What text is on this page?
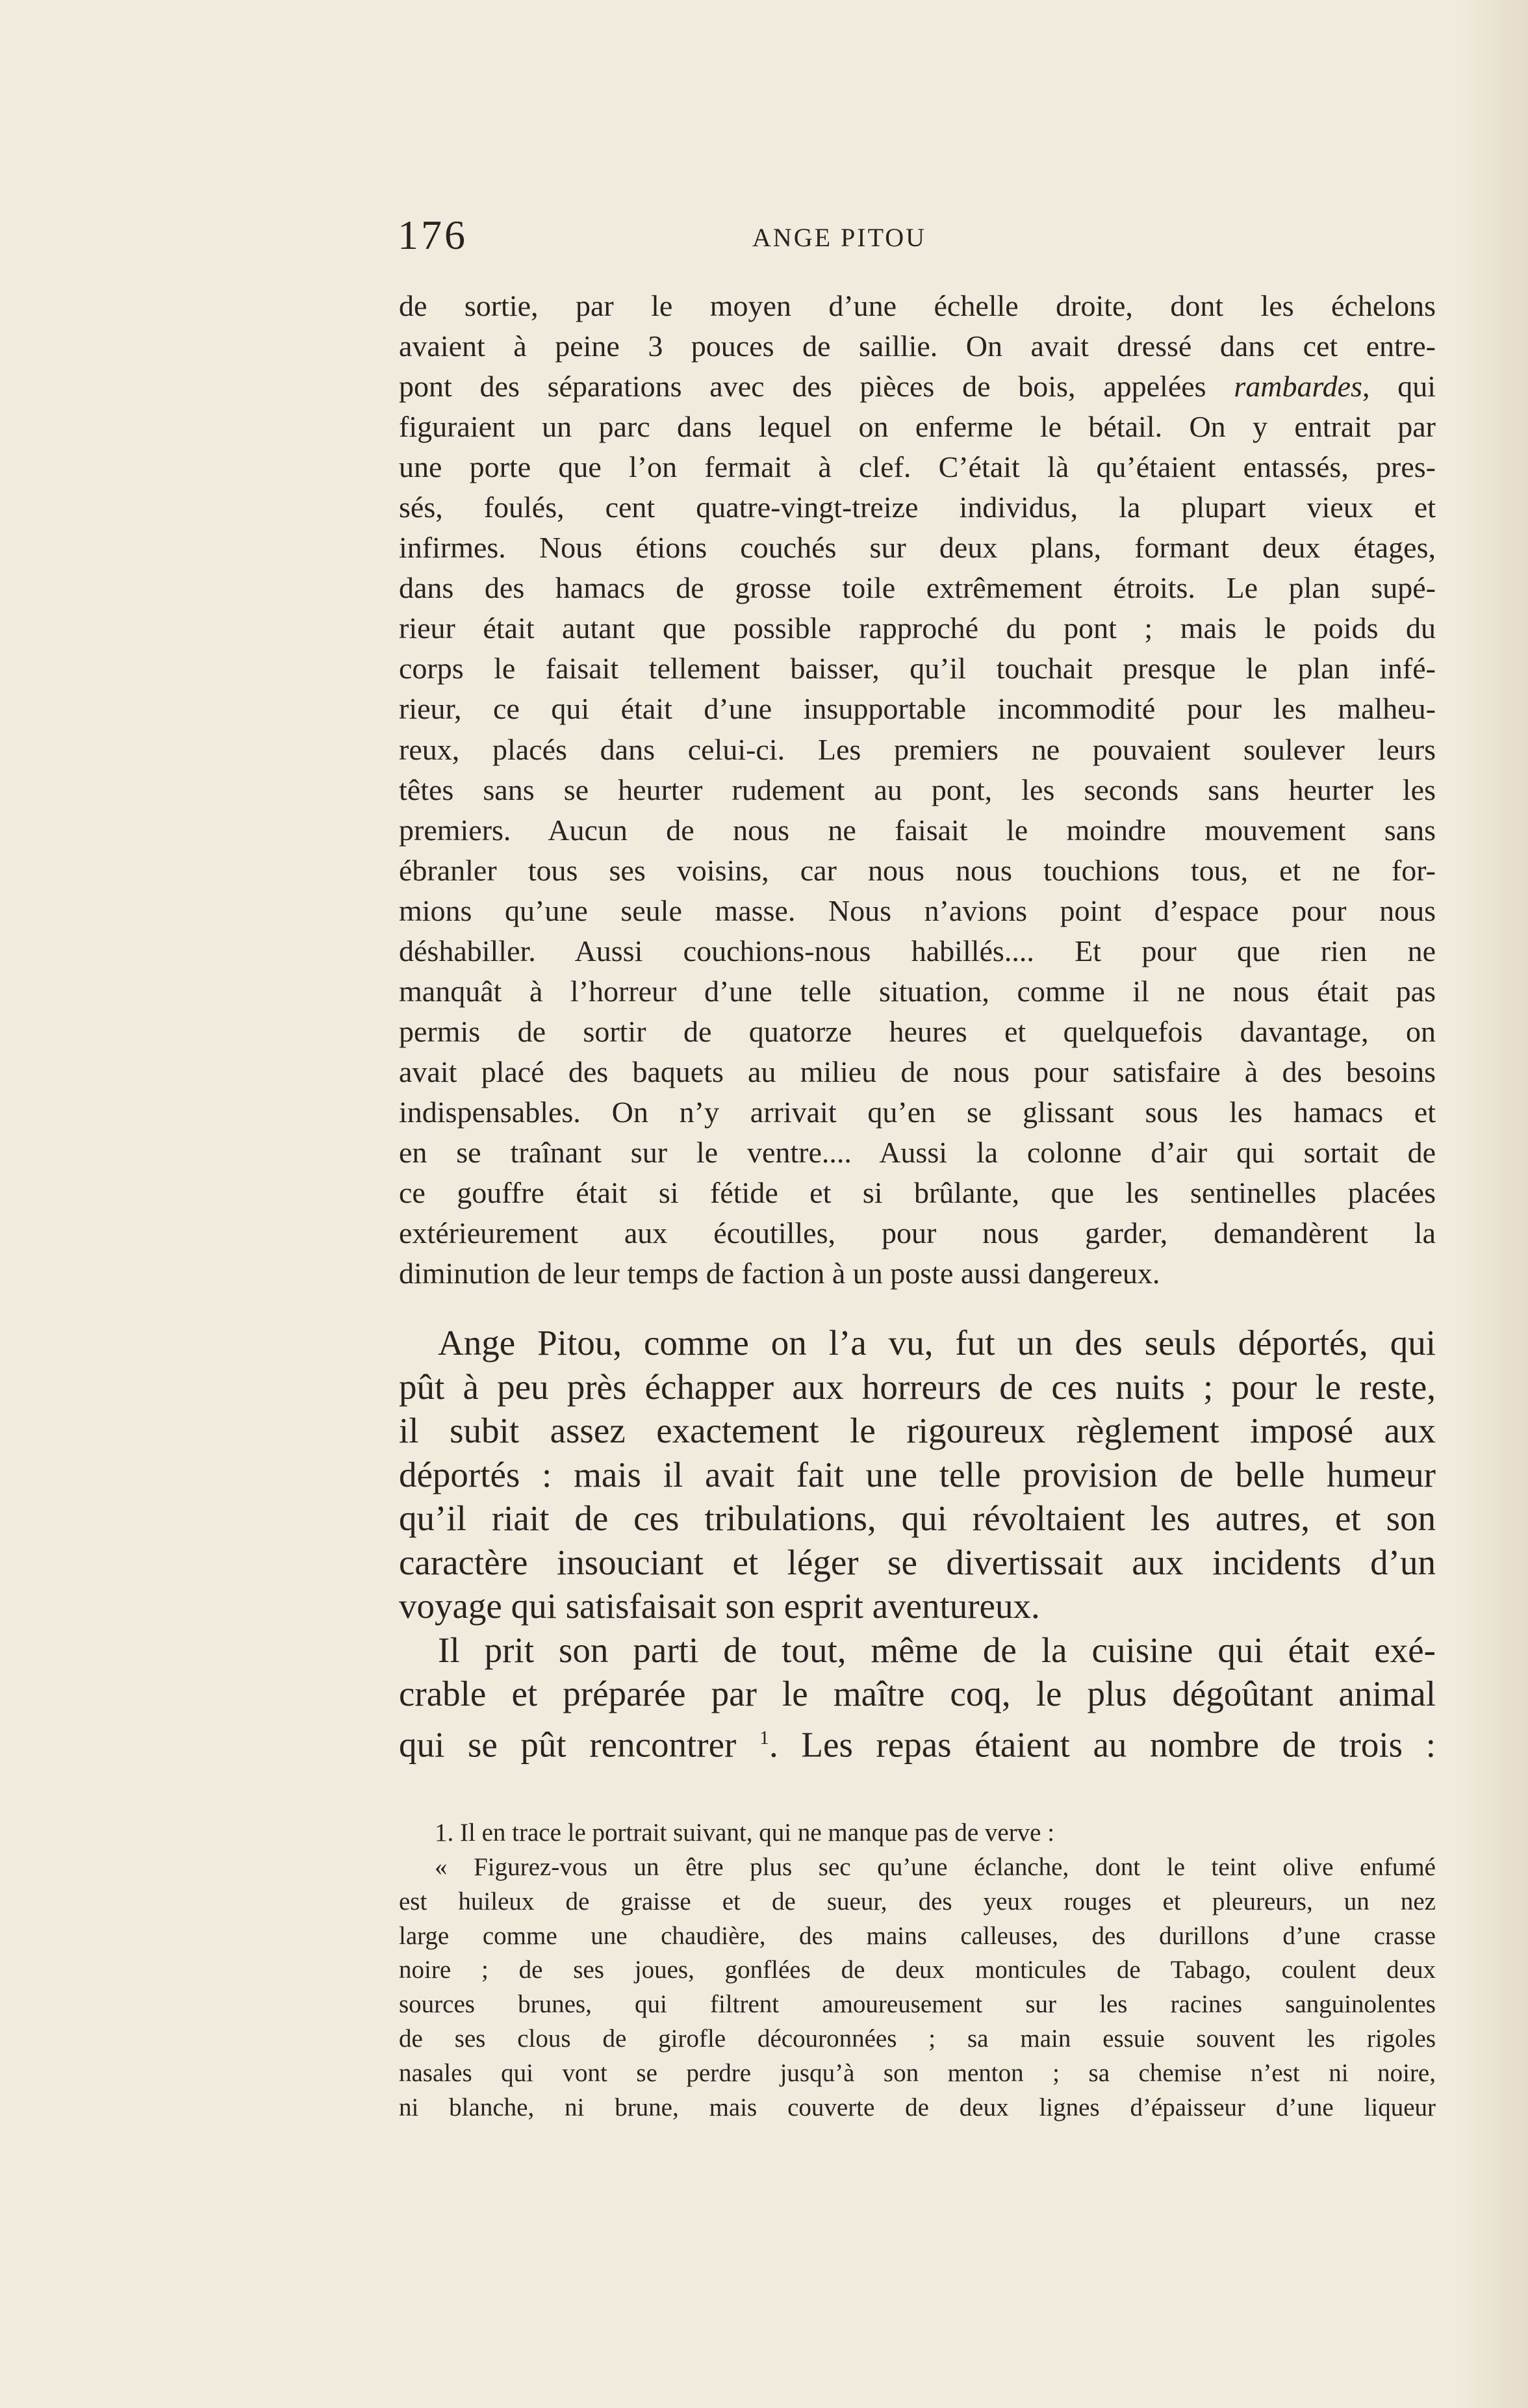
176	ANGE PITOU
de sortie, par le moyen d’une échelle droite, dont les échelons
avaient à peine 3 pouces de saillie. On avait dressé dans cet entre-
pont des séparations avec des pièces de bois, appelées rambardes, qui
figuraient un parc dans lequel on enferme le bétail. On y entrait par
une porte que l’on fermait à clef. C’était là qu’étaient entassés, pres-
sés, foulés, cent quatre-vingt-treize individus, la plupart vieux et
infirmes. Nous étions couchés sur deux plans, formant deux étages,
dans des hamacs de grosse toile extrêmement étroits. Le plan supé-
rieur était autant que possible rapproché du pont ; mais le poids du
corps le faisait tellement baisser, qu’il touchait presque le plan infé-
rieur, ce qui était d’une insupportable incommodité pour les malheu-
reux, placés dans celui-ci. Les premiers ne pouvaient soulever leurs
têtes sans se heurter rudement au pont, les seconds sans heurter les
premiers. Aucun de nous ne faisait le moindre mouvement sans
ébranler tous ses voisins, car nous nous touchions tous, et ne for-
mions qu’une seule masse. Nous n’avions point d’espace pour nous
déshabiller. Aussi couchions-nous habillés.... Et pour que rien ne
manquât à l’horreur d’une telle situation, comme il ne nous était pas
permis de sortir de quatorze heures et quelquefois davantage, on
avait placé des baquets au milieu de nous pour satisfaire à des besoins
indispensables. On n’y arrivait qu’en se glissant sous les hamacs et
en se traînant sur le ventre.... Aussi la colonne d’air qui sortait de
ce gouffre était si fétide et si brûlante, que les sentinelles placées
extérieurement aux écoutilles, pour nous garder, demandèrent la
diminution de leur temps de faction à un poste aussi dangereux.
Ange Pitou, comme on l’a vu, fut un des seuls déportés, qui
pût à peu près échapper aux horreurs de ces nuits ; pour le reste,
il subit assez exactement le rigoureux règlement imposé aux
déportés : mais il avait fait une telle provision de belle humeur
qu’il riait de ces tribulations, qui révoltaient les autres, et son
caractère insouciant et léger se divertissait aux incidents d’un
voyage qui satisfaisait son esprit aventureux.
Il prit son parti de tout, même de la cuisine qui était exé-
crable et préparée par le maître coq, le plus dégoûtant animal
qui se pût rencontrer $^1$. Les repas étaient au nombre de trois :
1. Il en trace le portrait suivant, qui ne manque pas de verve :
« Figurez-vous un être plus sec qu’une éclanche, dont le teint olive enfumé
est huileux de graisse et de sueur, des yeux rouges et pleureurs, un nez
large comme une chaudière, des mains calleuses, des durillons d’une crasse
noire ; de ses joues, gonflées de deux monticules de Tabago, coulent deux
sources brunes, qui filtrent amoureusement sur les racines sanguinolentes
de ses clous de girofle découronnées ; sa main essuie souvent les rigoles
nasales qui vont se perdre jusqu’à son menton ; sa chemise n’est ni noire,
ni blanche, ni brune, mais couverte de deux lignes d’épaisseur d’une liqueur
